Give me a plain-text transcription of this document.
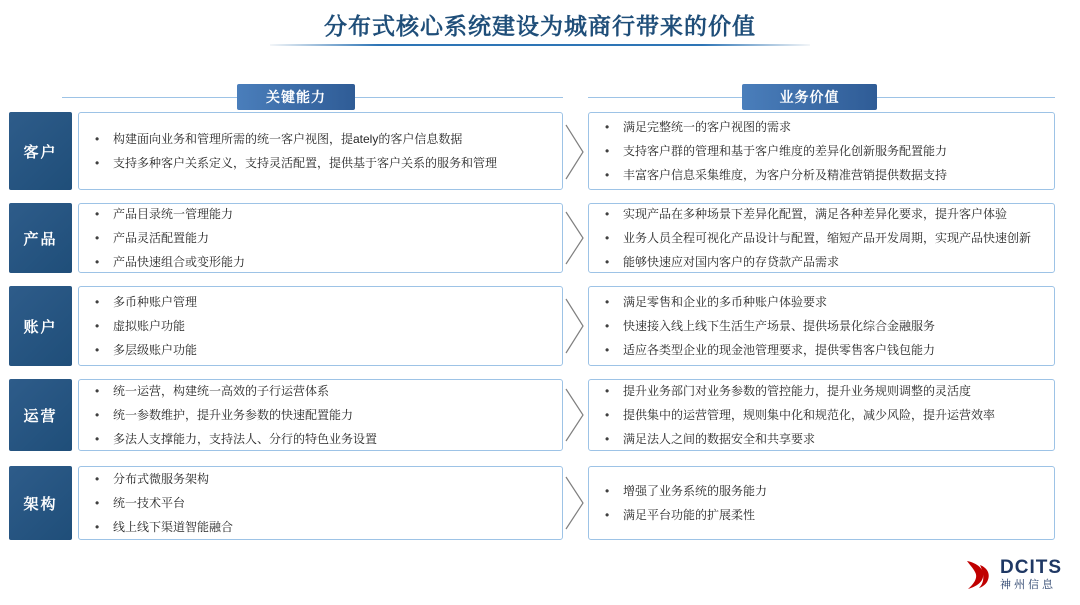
分布式核心系统建设为城商行带来的价值
关键能力	业务价值
客户
• 构建面向业务和管理所需的统一客户视图，提ately的客户信息数据
• 支持多种客户关系定义，支持灵活配置，提供基于客户关系的服务和管理
• 满足完整统一的客户视图的需求
• 支持客户群的管理和基于客户维度的差异化创新服务配置能力
• 丰富客户信息采集维度，为客户分析及精准营销提供数据支持
产品
• 产品目录统一管理能力
• 产品灵活配置能力
• 产品快速组合或变形能力
• 实现产品在多种场景下差异化配置，满足各种差异化要求，提升客户体验
• 业务人员全程可视化产品设计与配置，缩短产品开发周期，实现产品快速创新
• 能够快速应对国内客户的存贷款产品需求
账户
• 多币种账户管理
• 虚拟账户功能
• 多层级账户功能
• 满足零售和企业的多币种账户体验要求
• 快速接入线上线下生活生产场景、提供场景化综合金融服务
• 适应各类型企业的现金池管理要求，提供零售客户钱包能力
运营
• 统一运营，构建统一高效的子行运营体系
• 统一参数维护，提升业务参数的快速配置能力
• 多法人支撑能力，支持法人、分行的特色业务设置
• 提升业务部门对业务参数的管控能力，提升业务规则调整的灵活度
• 提供集中的运营管理，规则集中化和规范化，减少风险，提升运营效率
• 满足法人之间的数据安全和共享要求
架构
• 分布式微服务架构
• 统一技术平台
• 线上线下渠道智能融合
• 增强了业务系统的服务能力
• 满足平台功能的扩展柔性
DCITS
神州信息
